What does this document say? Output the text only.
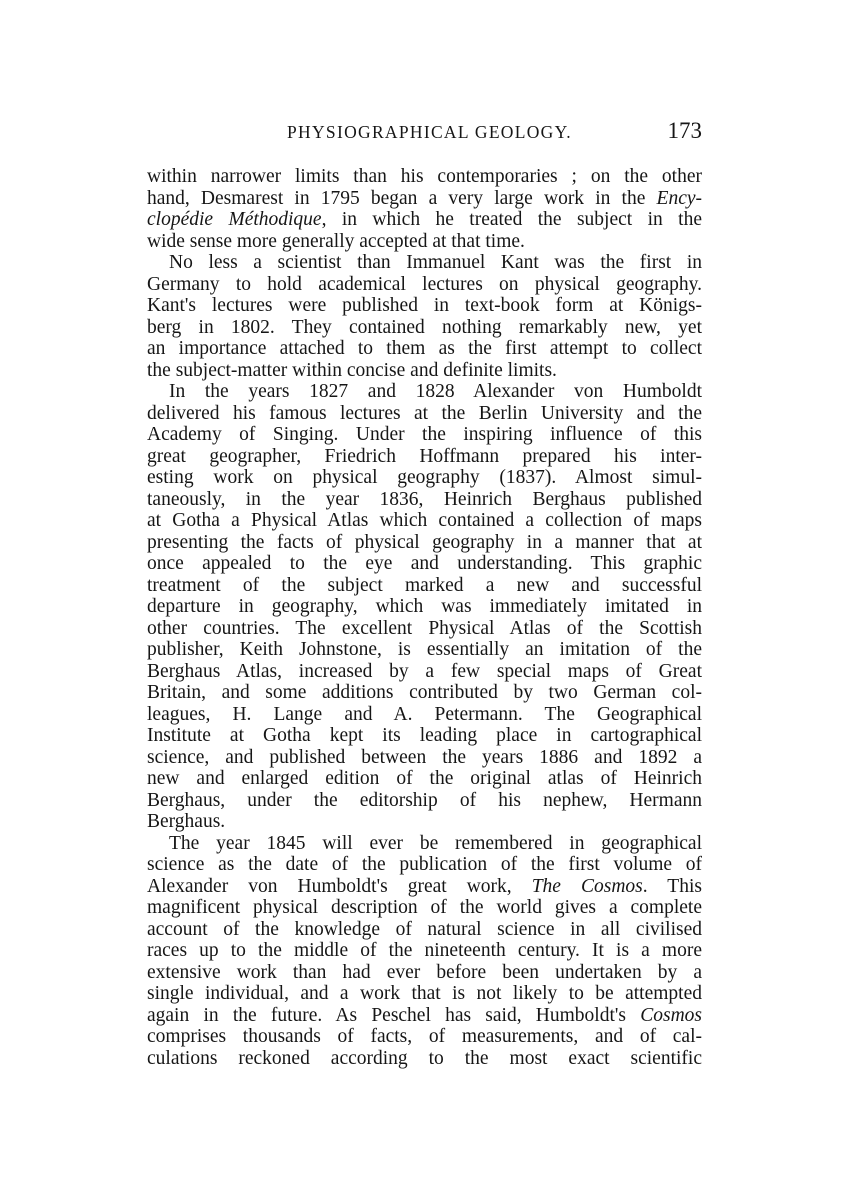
PHYSIOGRAPHICAL GEOLOGY.	173
within narrower limits than his contemporaries ; on the other
hand, Desmarest in 1795 began a very large work in the Ency-
clopédie Méthodique, in which he treated the subject in the
wide sense more generally accepted at that time.
No less a scientist than Immanuel Kant was the first in
Germany to hold academical lectures on physical geography.
Kant's lectures were published in text-book form at Königs-
berg in 1802. They contained nothing remarkably new, yet
an importance attached to them as the first attempt to collect
the subject-matter within concise and definite limits.
In the years 1827 and 1828 Alexander von Humboldt
delivered his famous lectures at the Berlin University and the
Academy of Singing. Under the inspiring influence of this
great geographer, Friedrich Hoffmann prepared his inter-
esting work on physical geography (1837). Almost simul-
taneously, in the year 1836, Heinrich Berghaus published
at Gotha a Physical Atlas which contained a collection of maps
presenting the facts of physical geography in a manner that at
once appealed to the eye and understanding. This graphic
treatment of the subject marked a new and successful
departure in geography, which was immediately imitated in
other countries. The excellent Physical Atlas of the Scottish
publisher, Keith Johnstone, is essentially an imitation of the
Berghaus Atlas, increased by a few special maps of Great
Britain, and some additions contributed by two German col-
leagues, H. Lange and A. Petermann. The Geographical
Institute at Gotha kept its leading place in cartographical
science, and published between the years 1886 and 1892 a
new and enlarged edition of the original atlas of Heinrich
Berghaus, under the editorship of his nephew, Hermann
Berghaus.
The year 1845 will ever be remembered in geographical
science as the date of the publication of the first volume of
Alexander von Humboldt's great work, The Cosmos. This
magnificent physical description of the world gives a complete
account of the knowledge of natural science in all civilised
races up to the middle of the nineteenth century. It is a more
extensive work than had ever before been undertaken by a
single individual, and a work that is not likely to be attempted
again in the future. As Peschel has said, Humboldt's Cosmos
comprises thousands of facts, of measurements, and of cal-
culations reckoned according to the most exact scientific
